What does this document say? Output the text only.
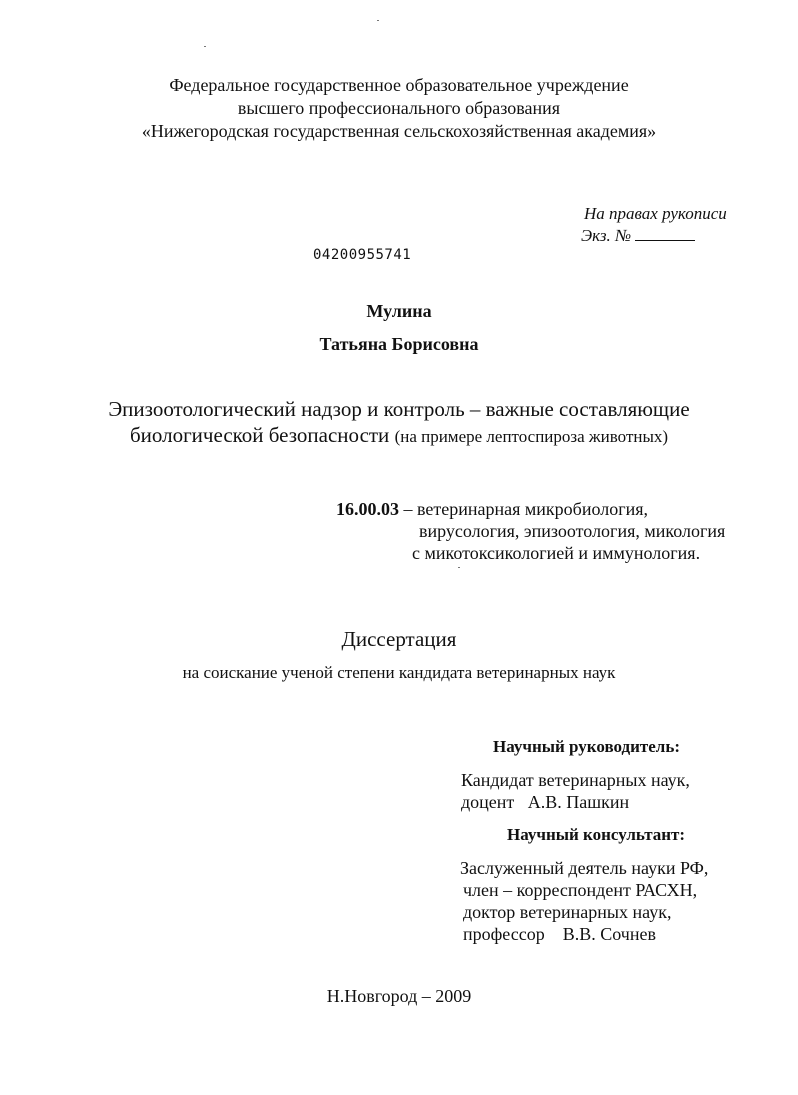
Федеральное государственное образовательное учреждение
высшего профессионального образования
«Нижегородская государственная сельскохозяйственная академия»
На правах рукописи
Экз. №
04200955741
Мулина
Татьяна Борисовна
Эпизоотологический надзор и контроль – важные составляющие
биологической безопасности (на примере лептоспироза животных)
16.00.03 – ветеринарная микробиология,
вирусология, эпизоотология, микология
с микотоксикологией и иммунология.
Диссертация
на соискание ученой степени кандидата ветеринарных наук
Научный руководитель:
Кандидат ветеринарных наук,
доцент   А.В. Пашкин
Научный консультант:
Заслуженный деятель науки РФ,
член – корреспондент РАСХН,
доктор ветеринарных наук,
профессор    В.В. Сочнев
Н.Новгород – 2009
